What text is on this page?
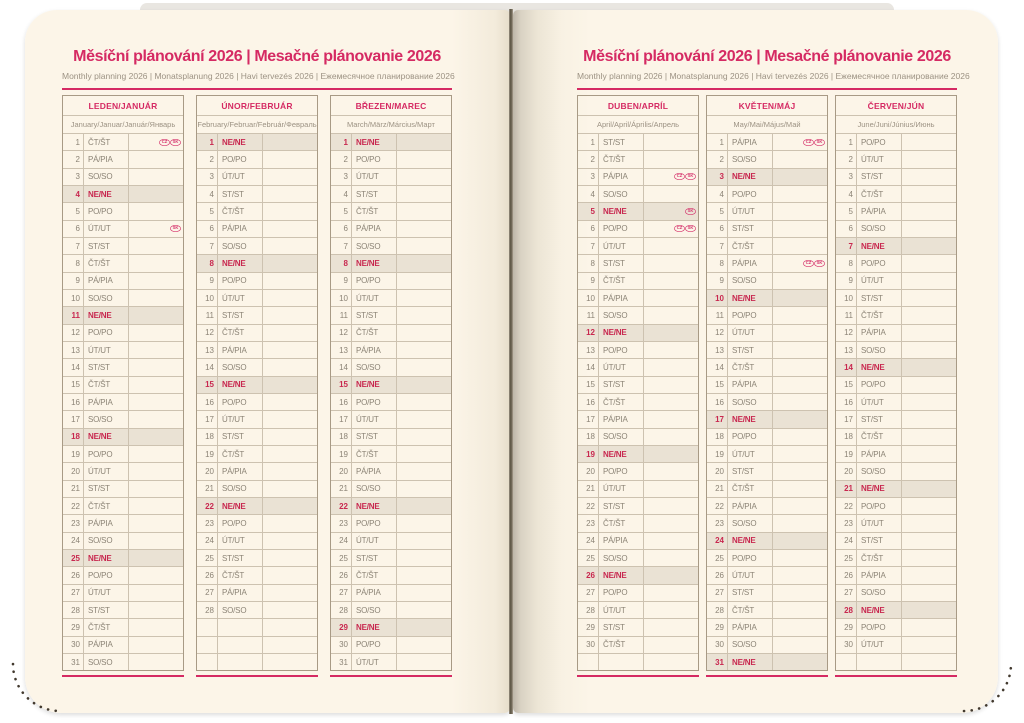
Měsíční plánování 2026 | Mesačné plánovanie 2026
Monthly planning 2026 | Monatsplanung 2026 | Havi tervezés 2026 | Ежемесячное планирование 2026
LEDEN/JANUÁR
January/Januar/Január/Январь
1	ČT/ŠT	CZ SK
2	PÁ/PIA
3	SO/SO
4	NE/NE
5	PO/PO
6	ÚT/UT	SK
7	ST/ST
8	ČT/ŠT
9	PÁ/PIA
10	SO/SO
11	NE/NE
12	PO/PO
13	ÚT/UT
14	ST/ST
15	ČT/ŠT
16	PÁ/PIA
17	SO/SO
18	NE/NE
19	PO/PO
20	ÚT/UT
21	ST/ST
22	ČT/ŠT
23	PÁ/PIA
24	SO/SO
25	NE/NE
26	PO/PO
27	ÚT/UT
28	ST/ST
29	ČT/ŠT
30	PÁ/PIA
31	SO/SO
ÚNOR/FEBRUÁR
February/Februar/Február/Февраль
1	NE/NE
2	PO/PO
3	ÚT/UT
4	ST/ST
5	ČT/ŠT
6	PÁ/PIA
7	SO/SO
8	NE/NE
9	PO/PO
10	ÚT/UT
11	ST/ST
12	ČT/ŠT
13	PÁ/PIA
14	SO/SO
15	NE/NE
16	PO/PO
17	ÚT/UT
18	ST/ST
19	ČT/ŠT
20	PÁ/PIA
21	SO/SO
22	NE/NE
23	PO/PO
24	ÚT/UT
25	ST/ST
26	ČT/ŠT
27	PÁ/PIA
28	SO/SO
BŘEZEN/MAREC
March/März/Március/Март
1	NE/NE
2	PO/PO
3	ÚT/UT
4	ST/ST
5	ČT/ŠT
6	PÁ/PIA
7	SO/SO
8	NE/NE
9	PO/PO
10	ÚT/UT
11	ST/ST
12	ČT/ŠT
13	PÁ/PIA
14	SO/SO
15	NE/NE
16	PO/PO
17	ÚT/UT
18	ST/ST
19	ČT/ŠT
20	PÁ/PIA
21	SO/SO
22	NE/NE
23	PO/PO
24	ÚT/UT
25	ST/ST
26	ČT/ŠT
27	PÁ/PIA
28	SO/SO
29	NE/NE
30	PO/PO
31	ÚT/UT
Měsíční plánování 2026 | Mesačné plánovanie 2026
Monthly planning 2026 | Monatsplanung 2026 | Havi tervezés 2026 | Ежемесячное планирование 2026
DUBEN/APRÍL
April/April/Április/Апрель
1	ST/ST
2	ČT/ŠT
3	PÁ/PIA	CZ SK
4	SO/SO
5	NE/NE	SK
6	PO/PO	CZ SK
7	ÚT/UT
8	ST/ST
9	ČT/ŠT
10	PÁ/PIA
11	SO/SO
12	NE/NE
13	PO/PO
14	ÚT/UT
15	ST/ST
16	ČT/ŠT
17	PÁ/PIA
18	SO/SO
19	NE/NE
20	PO/PO
21	ÚT/UT
22	ST/ST
23	ČT/ŠT
24	PÁ/PIA
25	SO/SO
26	NE/NE
27	PO/PO
28	ÚT/UT
29	ST/ST
30	ČT/ŠT
KVĚTEN/MÁJ
May/Mai/Május/Май
1	PÁ/PIA	CZ SK
2	SO/SO
3	NE/NE
4	PO/PO
5	ÚT/UT
6	ST/ST
7	ČT/ŠT
8	PÁ/PIA	CZ SK
9	SO/SO
10	NE/NE
11	PO/PO
12	ÚT/UT
13	ST/ST
14	ČT/ŠT
15	PÁ/PIA
16	SO/SO
17	NE/NE
18	PO/PO
19	ÚT/UT
20	ST/ST
21	ČT/ŠT
22	PÁ/PIA
23	SO/SO
24	NE/NE
25	PO/PO
26	ÚT/UT
27	ST/ST
28	ČT/ŠT
29	PÁ/PIA
30	SO/SO
31	NE/NE
ČERVEN/JÚN
June/Juni/Június/Июнь
1	PO/PO
2	ÚT/UT
3	ST/ST
4	ČT/ŠT
5	PÁ/PIA
6	SO/SO
7	NE/NE
8	PO/PO
9	ÚT/UT
10	ST/ST
11	ČT/ŠT
12	PÁ/PIA
13	SO/SO
14	NE/NE
15	PO/PO
16	ÚT/UT
17	ST/ST
18	ČT/ŠT
19	PÁ/PIA
20	SO/SO
21	NE/NE
22	PO/PO
23	ÚT/UT
24	ST/ST
25	ČT/ŠT
26	PÁ/PIA
27	SO/SO
28	NE/NE
29	PO/PO
30	ÚT/UT
